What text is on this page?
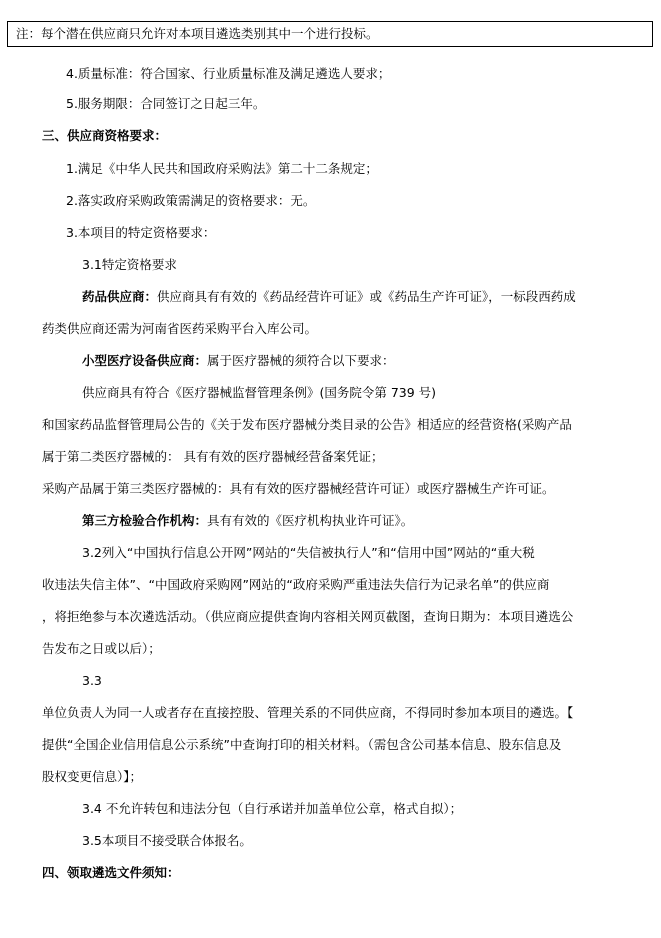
注：每个潜在供应商只允许对本项目遴选类别其中一个进行投标。
4.质量标准：符合国家、行业质量标准及满足遴选人要求；
5.服务期限：合同签订之日起三年。
三、供应商资格要求：
1.满足《中华人民共和国政府采购法》第二十二条规定；
2.落实政府采购政策需满足的资格要求：无。
3.本项目的特定资格要求：
3.1特定资格要求
药品供应商：供应商具有有效的《药品经营许可证》或《药品生产许可证》，一标段西药成
药类供应商还需为河南省医药采购平台入库公司。
小型医疗设备供应商：属于医疗器械的须符合以下要求：
供应商具有符合《医疗器械监督管理条例》(国务院令第 739 号)
和国家药品监督管理局公告的《关于发布医疗器械分类目录的公告》相适应的经营资格(采购产品
属于第二类医疗器械的： 具有有效的医疗器械经营备案凭证；
采购产品属于第三类医疗器械的：具有有效的医疗器械经营许可证）或医疗器械生产许可证。
第三方检验合作机构：具有有效的《医疗机构执业许可证》。
3.2列入“中国执行信息公开网”网站的“失信被执行人”和“信用中国”网站的“重大税
收违法失信主体”、“中国政府采购网”网站的“政府采购严重违法失信行为记录名单”的供应商
，将拒绝参与本次遴选活动。（供应商应提供查询内容相关网页截图，查询日期为：本项目遴选公
告发布之日或以后）；
3.3
单位负责人为同一人或者存在直接控股、管理关系的不同供应商，不得同时参加本项目的遴选。【
提供“全国企业信用信息公示系统”中查询打印的相关材料。（需包含公司基本信息、股东信息及
股权变更信息）】；
3.4 不允许转包和违法分包（自行承诺并加盖单位公章，格式自拟）；
3.5本项目不接受联合体报名。
四、领取遴选文件须知：
